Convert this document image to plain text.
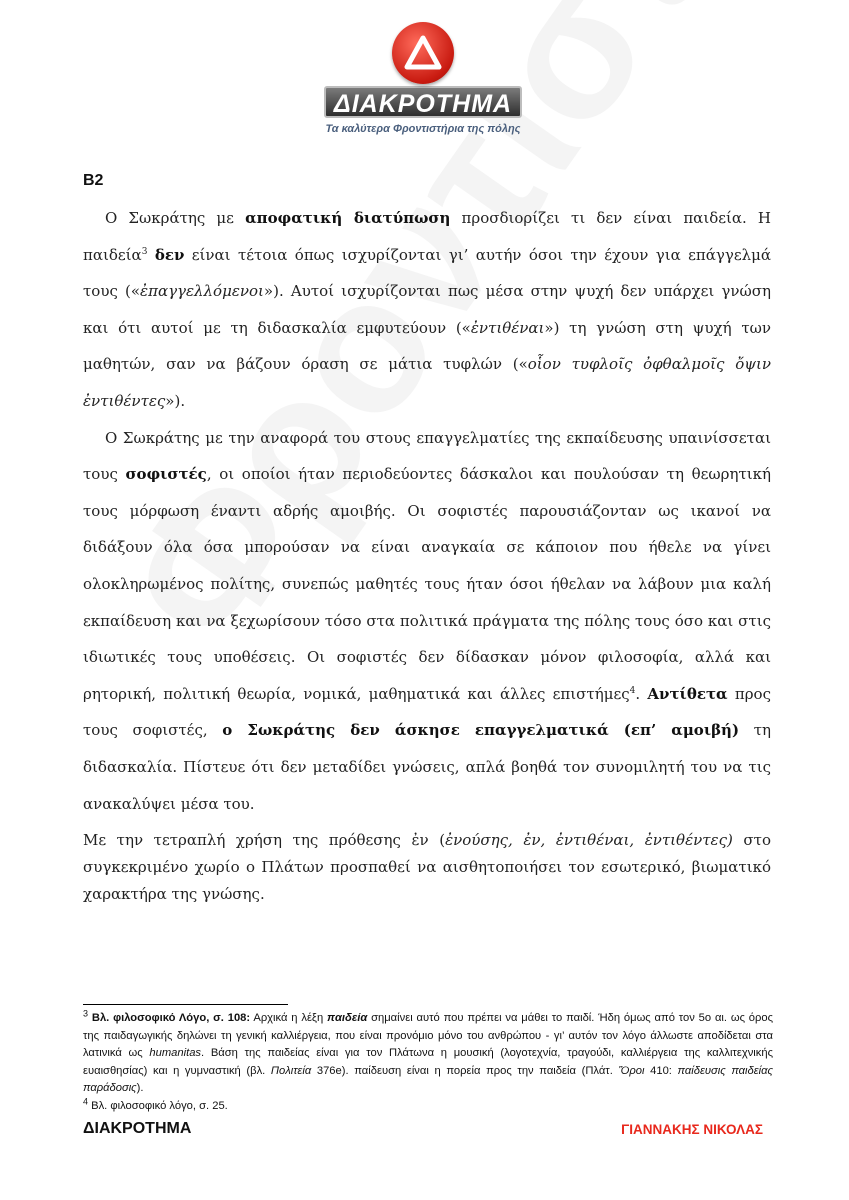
ΔΙΑΚΡΟΤΗΜΑ
Τα καλύτερα Φροντιστήρια της πόλης
Β2

Ο Σωκράτης με αποφατική διατύπωση προσδιορίζει τι δεν είναι παιδεία. Η παιδεία$^3$ δεν είναι τέτοια όπως ισχυρίζονται γι’ αυτήν όσοι την έχουν για επάγγελμά τους («ἐπαγγελλόμενοι»). Αυτοί ισχυρίζονται πως μέσα στην ψυχή δεν υπάρχει γνώση και ότι αυτοί με τη διδασκαλία εμφυτεύουν («ἐντιθέναι») τη γνώση στη ψυχή των μαθητών, σαν να βάζουν όραση σε μάτια τυφλών («οἷον τυφλοῖς ὀφθαλμοῖς ὄψιν ἐντιθέντες»).

Ο Σωκράτης με την αναφορά του στους επαγγελματίες της εκπαίδευσης υπαινίσσεται τους σοφιστές, οι οποίοι ήταν περιοδεύοντες δάσκαλοι και πουλούσαν τη θεωρητική τους μόρφωση έναντι αδρής αμοιβής. Οι σοφιστές παρουσιάζονταν ως ικανοί να διδάξουν όλα όσα μπορούσαν να είναι αναγκαία σε κάποιον που ήθελε να γίνει ολοκληρωμένος πολίτης, συνεπώς μαθητές τους ήταν όσοι ήθελαν να λάβουν μια καλή εκπαίδευση και να ξεχωρίσουν τόσο στα πολιτικά πράγματα της πόλης τους όσο και στις ιδιωτικές τους υποθέσεις. Οι σοφιστές δεν δίδασκαν μόνον φιλοσοφία, αλλά και ρητορική, πολιτική θεωρία, νομικά, μαθηματικά και άλλες επιστήμες$^4$. Αντίθετα προς τους σοφιστές, ο Σωκράτης δεν άσκησε επαγγελματικά (επ’ αμοιβή) τη διδασκαλία. Πίστευε ότι δεν μεταδίδει γνώσεις, απλά βοηθά τον συνομιλητή του να τις ανακαλύψει μέσα του.

Με την τετραπλή χρήση της πρόθεσης ἐν (ἐνούσης, ἐν, ἐντιθέναι, ἐντιθέντες) στο συγκεκριμένο χωρίο ο Πλάτων προσπαθεί να αισθητοποιήσει τον εσωτερικό, βιωματικό χαρακτήρα της γνώσης.

$^3$ Βλ. φιλοσοφικό Λόγο, σ. 108: Αρχικά η λέξη παιδεία σημαίνει αυτό που πρέπει να μάθει το παιδί. Ήδη όμως από τον 5ο αι. ως όρος της παιδαγωγικής δηλώνει τη γενική καλλιέργεια, που είναι προνόμιο μόνο του ανθρώπου - γι’ αυτόν τον λόγο άλλωστε αποδίδεται στα λατινικά ως humanitas. Βάση της παιδείας είναι για τον Πλάτωνα η μουσική (λογοτεχνία, τραγούδι, καλλιέργεια της καλλιτεχνικής ευαισθησίας) και η γυμναστική (βλ. Πολιτεία 376e). παίδευση είναι η πορεία προς την παιδεία (Πλάτ. Ὅροι 410: παίδευσις παιδείας παράδοσις).

$^4$ Βλ. φιλοσοφικό λόγο, σ. 25.

ΔΙΑΚΡΟΤΗΜΑ	ΓΙΑΝΝΑΚΗΣ ΝΙΚΟΛΑΣ
